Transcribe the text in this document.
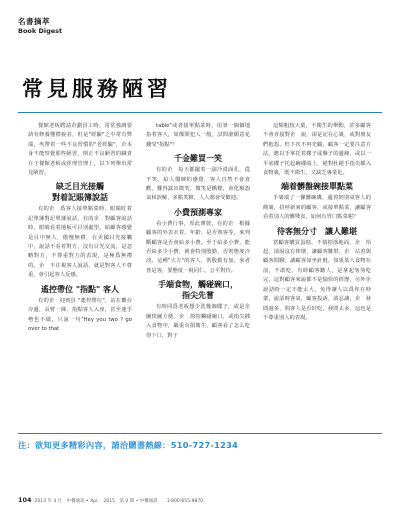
名書摘萃
Book Digest
常見服務陋習

餐館老板聘請企劃員工時，常常強調要請有修養懂禮貌者，但是"經驗"之中常有弊端，夾帶着一些不良習慣的"老經驗"，企本身不能察覺那些陋習，倒正不良陋習的職責在于餐館老板或經理管理上，以下列舉出常見陋習。

缺乏目光接觸
對着記賬簿說話

有的企　爲客人接單點菜時，眼睛盯着記單簿對記單簿說話，有的企　對顧客說話時，眼睛看着地板可目別處望，給顧客感覺是目中無人，傲慢無禮，在美國目光接觸中，說話不看着對方，沒有目光交流，是忽略對方，不尊重對方的表現，是極爲無禮的。企　不注視客人說話，就是對客人不尊重，會引起客人反感。

遙控帶位 "指點" 客人

有的企　迎賓員 "遙控帶位"，站在櫃台旁邊，長臂一揮，指點客人入座，甚至連手勢也不做，只說一句"Hey you two ? go over to that

table"或者接單點菜時，用筆一個個地指着客人，如像問犯人一般，試問誰願意花錢受"指點"？

千金難買一笑

有的企　每天都擺着一副冷漠面孔，從不笑，給人僵硬的感覺，客人自然不會喜歡，難得露出微笑，微笑是橋樑，會化解怨氣和誤解，多點笑臉，人人都會受歡迎。

小費預測專家

看小費行事，厚此薄彼，有的企　根據顧客的外表衣着、年齡、是否熟客等，來判斷顧客是否會給多小費。至于給多小費，能否給多少小費，就會特別殷勤，否則態度冷淡。這種"大方"的客人，則殷勤有加，來者皆是客，要態度一視同仁，公平對待。

手端食物，觸碰碗口，
指尖先嘗

有時同爲老板想少洗幾個碟子，或是企　圖快圖方便，企　拇指觸碰碗口，或指尖插入食物中，嚴重有損衛生，顧客看了怎么吃得下口，對于

這類粗枝大葉，不衛生的舉動，許多顧客不會直接對企　說，卻是記在心裏，或對朋友們抱怨，但下次不再光顧，顧客一定要注意方法，應以手掌托着碟子或盤子的邊緣，或以一平底碟子托起碗碟端上，絕對杜絕手指尖插入食物裏，既不衛生，又缺乏專業化。

端着髒盤碗接單點菜

手裏端了一摞髒碗碟，邊着到別桌客人的側裏，招呼新來的顧客，或接單點菜，讓顧客看着別人的髒殘食，如何有胃口點菜呢？

待客無分寸　讓人難堪

當顧客購買蛋糕，不慎掉落地面，企　拾起，卻說沒有摔壞，讓顧客難堪，企　站着與顧客閒聊，讓顧客如坐針氈，如果某人食物在前，不敢吃，有時顧客聽人，是拿起匆匆吃完，這對顧客來說都不是愉快的經歷，另外企　說話時一定不能太大，免得讓人以爲你在吵架，說話時客氣，顧客投訴，請忍讓，企　發問過多，問客人是否好吃，發問太多，這也是不尊重別人的表現。

注：欲知更多精彩內容，請洽購書熱線：510-727-1234
104 2013 年 4 月　中餐通訊 • Apr.　2015　第 0 期 • 中餐通訊　　1-800-655-9870
